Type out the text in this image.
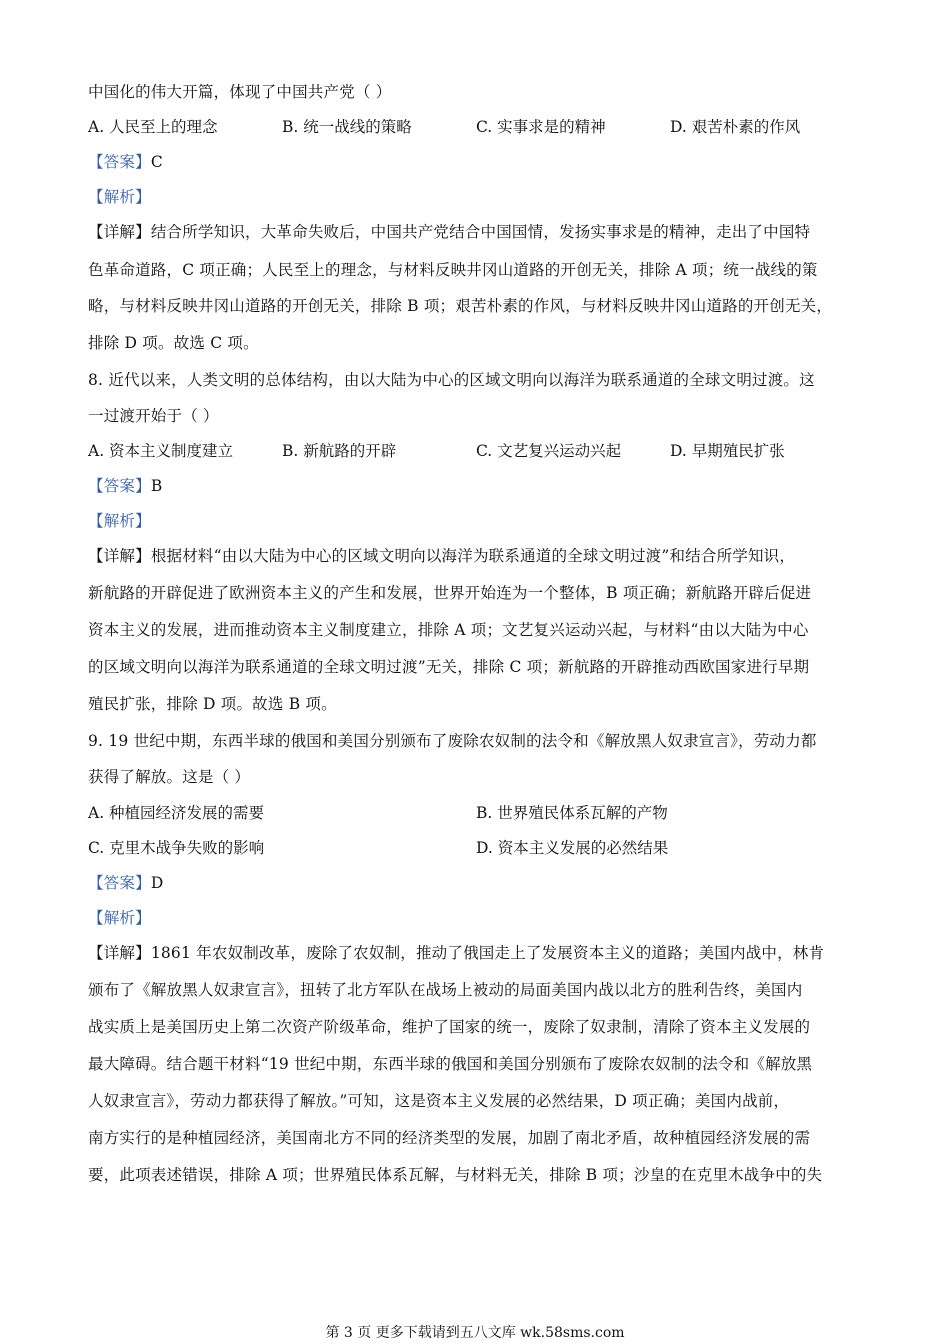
中国化的伟大开篇，体现了中国共产党（ ）
A. 人民至上的理念	B. 统一战线的策略	C. 实事求是的精神	D. 艰苦朴素的作风
【答案】C
【解析】
【详解】结合所学知识，大革命失败后，中国共产党结合中国国情，发扬实事求是的精神，走出了中国特
色革命道路，C 项正确；人民至上的理念，与材料反映井冈山道路的开创无关，排除 A 项；统一战线的策
略，与材料反映井冈山道路的开创无关，排除 B 项；艰苦朴素的作风，与材料反映井冈山道路的开创无关，
排除 D 项。故选 C 项。
8. 近代以来，人类文明的总体结构，由以大陆为中心的区域文明向以海洋为联系通道的全球文明过渡。这
一过渡开始于（ ）
A. 资本主义制度建立	B. 新航路的开辟	C. 文艺复兴运动兴起	D. 早期殖民扩张
【答案】B
【解析】
【详解】根据材料“由以大陆为中心的区域文明向以海洋为联系通道的全球文明过渡”和结合所学知识，
新航路的开辟促进了欧洲资本主义的产生和发展，世界开始连为一个整体，B 项正确；新航路开辟后促进
资本主义的发展，进而推动资本主义制度建立，排除 A 项；文艺复兴运动兴起，与材料“由以大陆为中心
的区域文明向以海洋为联系通道的全球文明过渡”无关，排除 C 项；新航路的开辟推动西欧国家进行早期
殖民扩张，排除 D 项。故选 B 项。
9. 19 世纪中期，东西半球的俄国和美国分别颁布了废除农奴制的法令和《解放黑人奴隶宣言》，劳动力都
获得了解放。这是（ ）
A. 种植园经济发展的需要	B. 世界殖民体系瓦解的产物
C. 克里木战争失败的影响	D. 资本主义发展的必然结果
【答案】D
【解析】
【详解】1861 年农奴制改革，废除了农奴制，推动了俄国走上了发展资本主义的道路；美国内战中，林肯
颁布了《解放黑人奴隶宣言》，扭转了北方军队在战场上被动的局面美国内战以北方的胜利告终，美国内
战实质上是美国历史上第二次资产阶级革命，维护了国家的统一，废除了奴隶制，清除了资本主义发展的
最大障碍。结合题干材料“19 世纪中期，东西半球的俄国和美国分别颁布了废除农奴制的法令和《解放黑
人奴隶宣言》，劳动力都获得了解放。”可知，这是资本主义发展的必然结果，D 项正确；美国内战前，
南方实行的是种植园经济，美国南北方不同的经济类型的发展，加剧了南北矛盾，故种植园经济发展的需
要，此项表述错误，排除 A 项；世界殖民体系瓦解，与材料无关，排除 B 项；沙皇的在克里木战争中的失
第 3 页 更多下载请到五八文库 wk.58sms.com
